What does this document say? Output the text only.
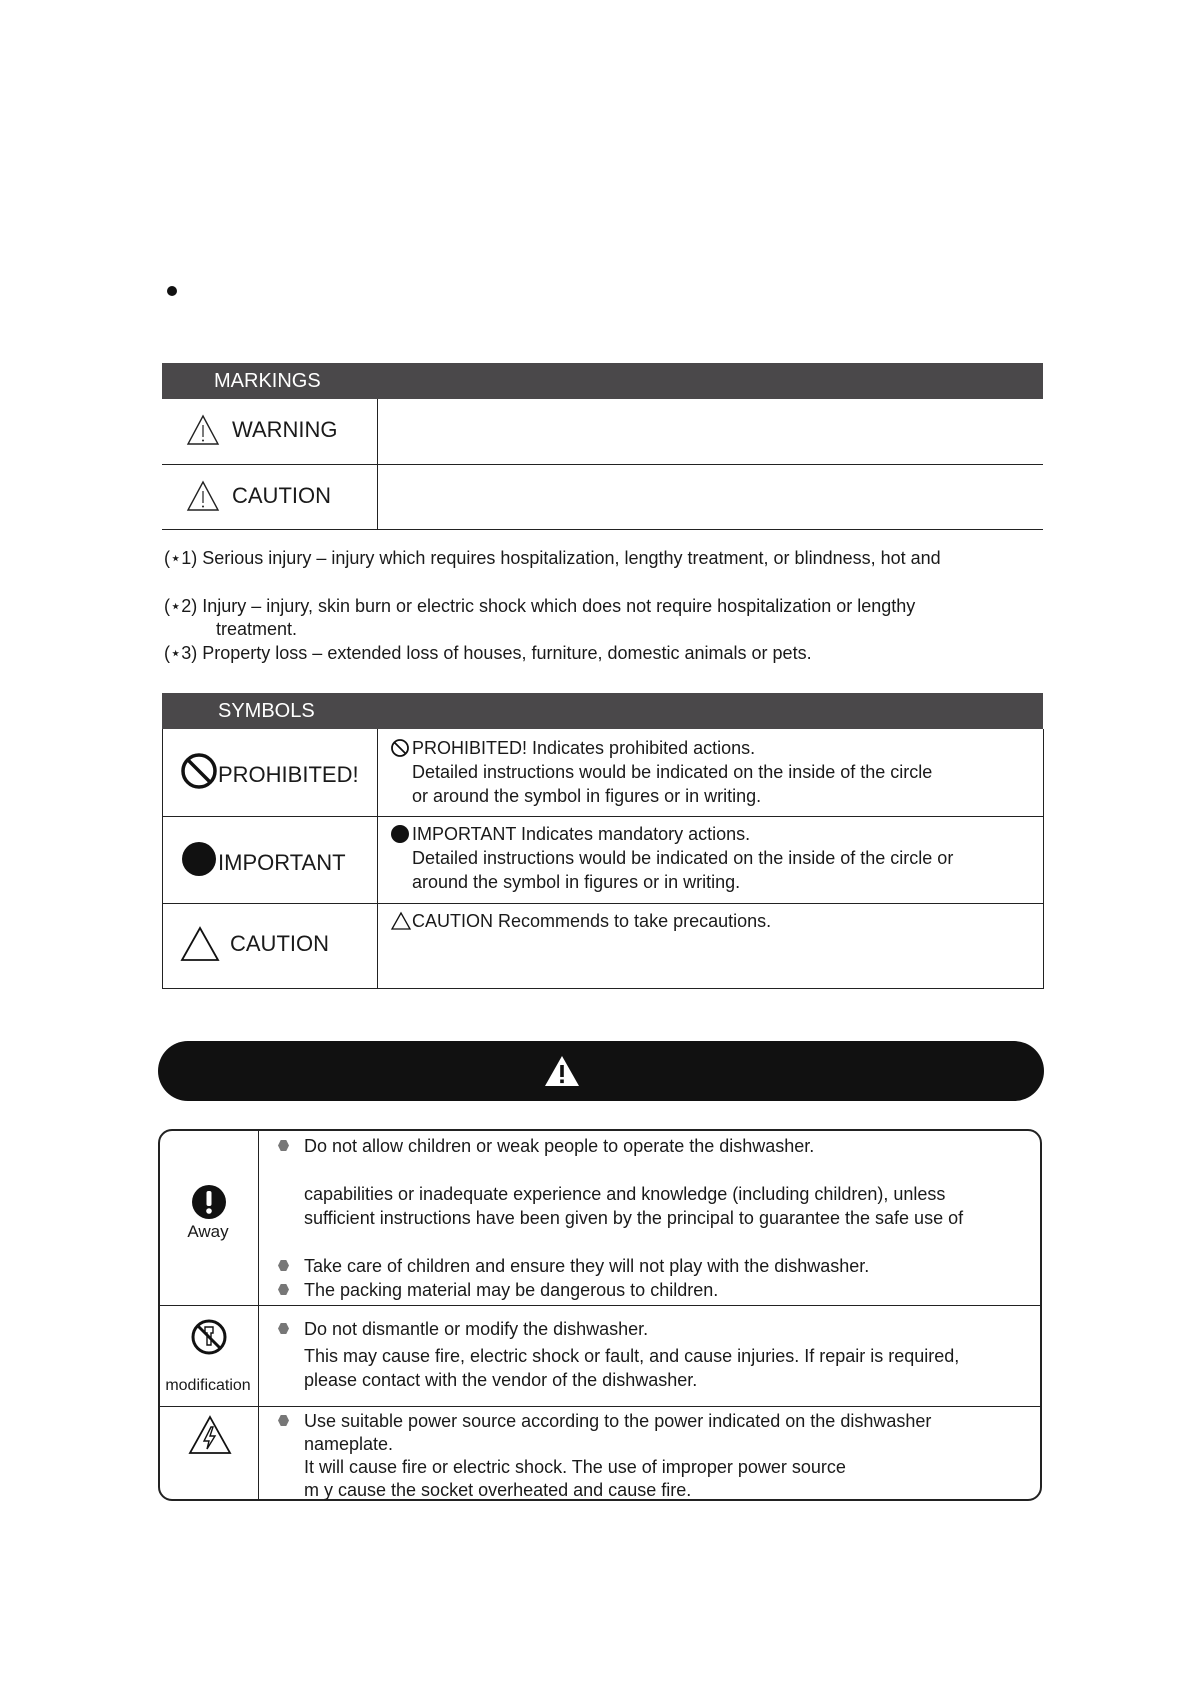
MARKINGS
WARNING
CAUTION
(⋆1) Serious injury – injury which requires hospitalization, lengthy treatment, or blindness, hot and
(⋆2) Injury – injury, skin burn or electric shock which does not require hospitalization or lengthy
treatment.
(⋆3) Property loss – extended loss of houses, furniture, domestic animals or pets.
SYMBOLS
PROHIBITED!
PROHIBITED! Indicates prohibited actions.
Detailed instructions would be indicated on the inside of the circle
or around the symbol in figures or in writing.
IMPORTANT
IMPORTANT Indicates mandatory actions.
Detailed instructions would be indicated on the inside of the circle or
around the symbol in figures or in writing.
CAUTION
CAUTION Recommends to take precautions.
Away
Do not allow children or weak people to operate the dishwasher.
capabilities or inadequate experience and knowledge (including children), unless
sufficient instructions have been given by the principal to guarantee the safe use of
Take care of children and ensure they will not play with the dishwasher.
The packing material may be dangerous to children.
modification
Do not dismantle or modify the dishwasher.
This may cause fire, electric shock or fault, and cause injuries. If repair is required,
please contact with the vendor of the dishwasher.
Use suitable power source according to the power indicated on the dishwasher
nameplate.
It will cause fire or electric shock. The use of improper power source
m y cause the socket overheated and cause fire.
